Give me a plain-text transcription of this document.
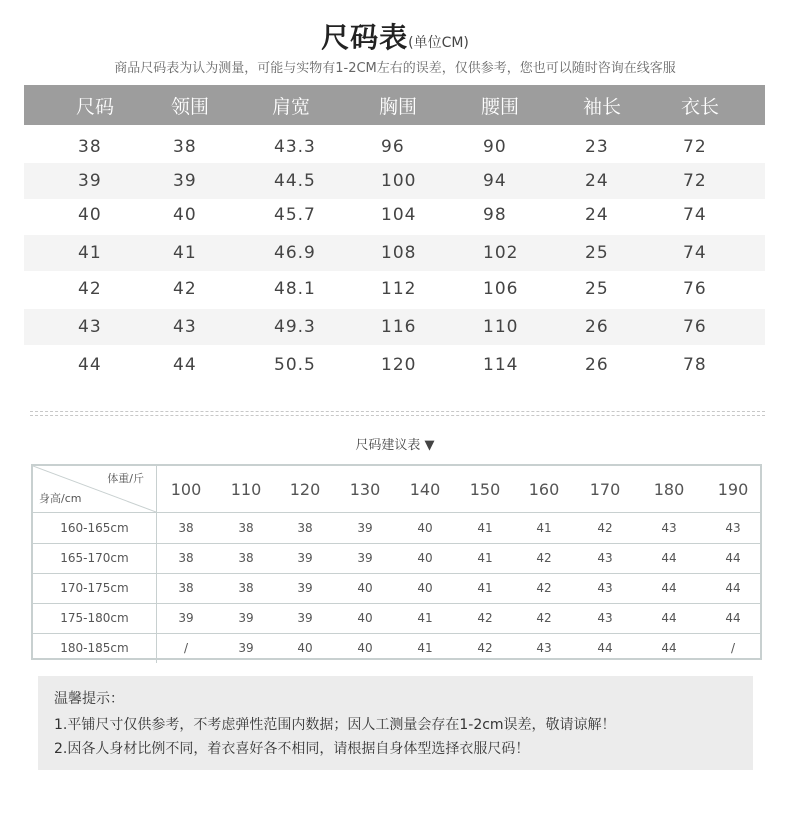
尺码表(单位CM)
商品尺码表为认为测量，可能与实物有1-2CM左右的误差，仅供参考，您也可以随时咨询在线客服
尺码	领围	肩宽	胸围	腰围	袖长	衣长
38	38	43.3	96	90	23	72
39	39	44.5	100	94	24	72
40	40	45.7	104	98	24	74
41	41	46.9	108	102	25	74
42	42	48.1	112	106	25	76
43	43	49.3	116	110	26	76
44	44	50.5	120	114	26	78
尺码建议表 ▼
体重/斤
身高/cm	100	110	120	130	140	150	160	170	180	190
160-165cm	38	38	38	39	40	41	41	42	43	43
165-170cm	38	38	39	39	40	41	42	43	44	44
170-175cm	38	38	39	40	40	41	42	43	44	44
175-180cm	39	39	39	40	41	42	42	43	44	44
180-185cm	/	39	40	40	41	42	43	44	44	/
温馨提示：
1.平铺尺寸仅供参考，不考虑弹性范围内数据；因人工测量会存在1-2cm误差，敬请谅解！
2.因各人身材比例不同，着衣喜好各不相同，请根据自身体型选择衣服尺码！
